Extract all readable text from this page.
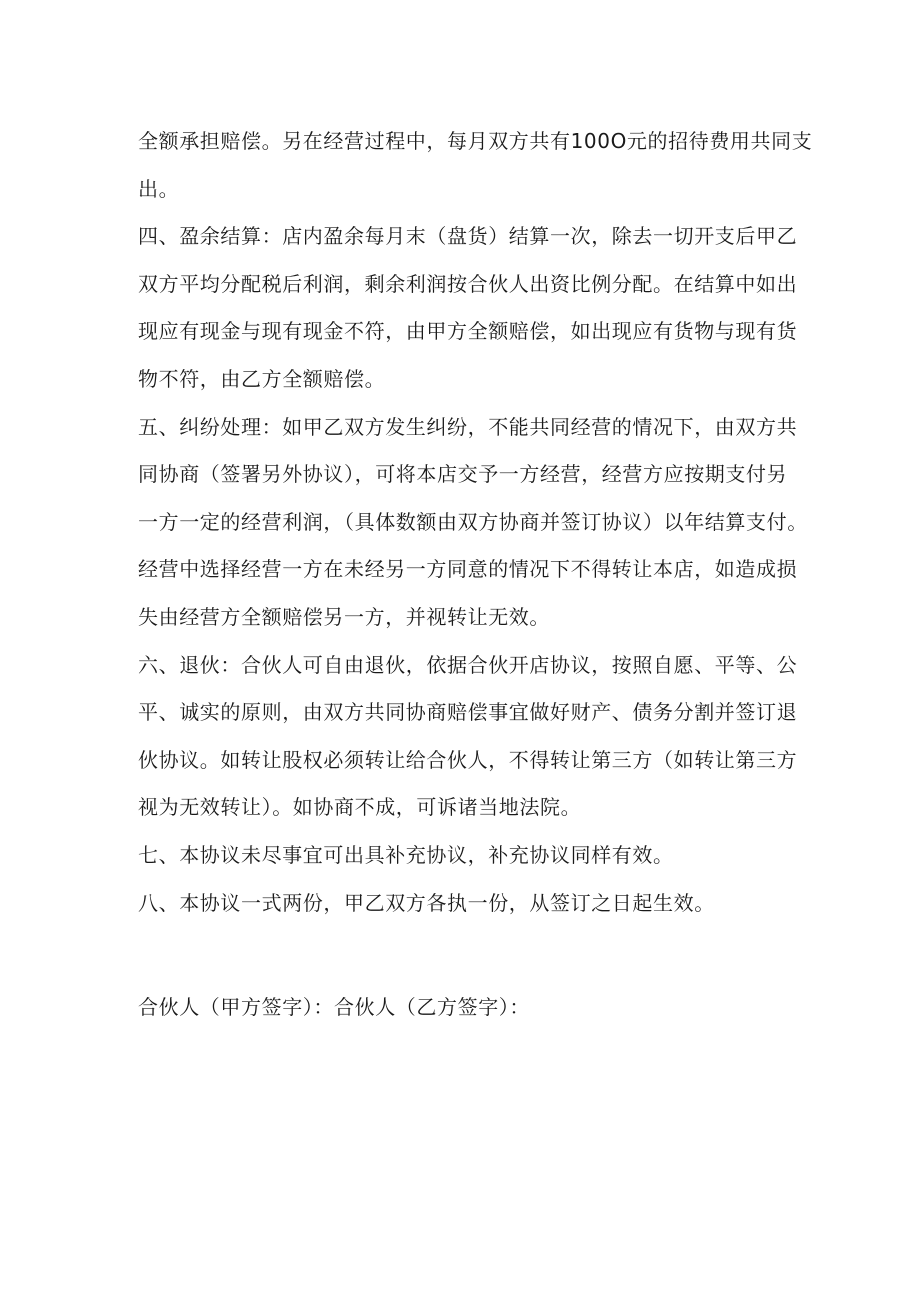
全额承担赔偿。另在经营过程中，每月双方共有100O元的招待费用共同支
出。
四、盈余结算：店内盈余每月末（盘货）结算一次，除去一切开支后甲乙
双方平均分配税后利润，剩余利润按合伙人出资比例分配。在结算中如出
现应有现金与现有现金不符，由甲方全额赔偿，如出现应有货物与现有货
物不符，由乙方全额赔偿。
五、纠纷处理：如甲乙双方发生纠纷，不能共同经营的情况下，由双方共
同协商（签署另外协议），可将本店交予一方经营，经营方应按期支付另
一方一定的经营利润，（具体数额由双方协商并签订协议）以年结算支付。
经营中选择经营一方在未经另一方同意的情况下不得转让本店，如造成损
失由经营方全额赔偿另一方，并视转让无效。
六、退伙：合伙人可自由退伙，依据合伙开店协议，按照自愿、平等、公
平、诚实的原则，由双方共同协商赔偿事宜做好财产、债务分割并签订退
伙协议。如转让股权必须转让给合伙人，不得转让第三方（如转让第三方
视为无效转让）。如协商不成，可诉诸当地法院。
七、本协议未尽事宜可出具补充协议，补充协议同样有效。
八、本协议一式两份，甲乙双方各执一份，从签订之日起生效。
合伙人（甲方签字）：合伙人（乙方签字）：
